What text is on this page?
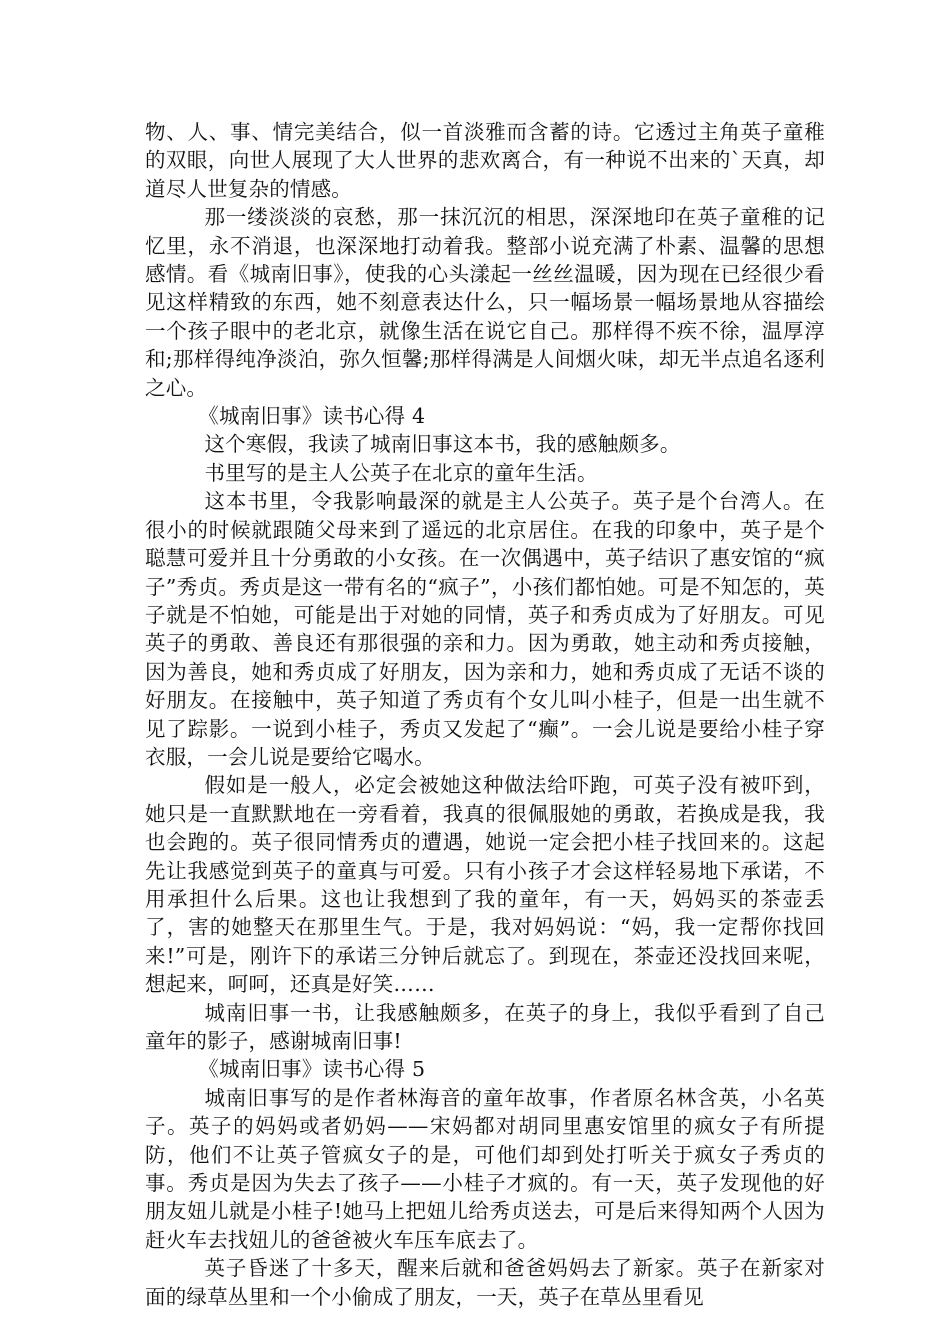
物、人、事、情完美结合，似一首淡雅而含蓄的诗。它透过主角英子童稚的双眼，向世人展现了大人世界的悲欢离合，有一种说不出来的`天真，却道尽人世复杂的情感。

那一缕淡淡的哀愁，那一抹沉沉的相思，深深地印在英子童稚的记忆里，永不消退，也深深地打动着我。整部小说充满了朴素、温馨的思想感情。看《城南旧事》，使我的心头漾起一丝丝温暖，因为现在已经很少看见这样精致的东西，她不刻意表达什么，只一幅场景一幅场景地从容描绘一个孩子眼中的老北京，就像生活在说它自己。那样得不疾不徐，温厚淳和;那样得纯净淡泊，弥久恒馨;那样得满是人间烟火味，却无半点追名逐利之心。

《城南旧事》读书心得 4

这个寒假，我读了城南旧事这本书，我的感触颇多。

书里写的是主人公英子在北京的童年生活。

这本书里，令我影响最深的就是主人公英子。英子是个台湾人。在很小的时候就跟随父母来到了遥远的北京居住。在我的印象中，英子是个聪慧可爱并且十分勇敢的小女孩。在一次偶遇中，英子结识了惠安馆的“疯子”秀贞。秀贞是这一带有名的“疯子”，小孩们都怕她。可是不知怎的，英子就是不怕她，可能是出于对她的同情，英子和秀贞成为了好朋友。可见英子的勇敢、善良还有那很强的亲和力。因为勇敢，她主动和秀贞接触，因为善良，她和秀贞成了好朋友，因为亲和力，她和秀贞成了无话不谈的好朋友。在接触中，英子知道了秀贞有个女儿叫小桂子，但是一出生就不见了踪影。一说到小桂子，秀贞又发起了“癫”。一会儿说是要给小桂子穿衣服，一会儿说是要给它喝水。

假如是一般人，必定会被她这种做法给吓跑，可英子没有被吓到，她只是一直默默地在一旁看着，我真的很佩服她的勇敢，若换成是我，我也会跑的。英子很同情秀贞的遭遇，她说一定会把小桂子找回来的。这起先让我感觉到英子的童真与可爱。只有小孩子才会这样轻易地下承诺，不用承担什么后果。这也让我想到了我的童年，有一天，妈妈买的茶壶丢了，害的她整天在那里生气。于是，我对妈妈说：“妈，我一定帮你找回来!”可是，刚许下的承诺三分钟后就忘了。到现在，茶壶还没找回来呢，想起来，呵呵，还真是好笑……

城南旧事一书，让我感触颇多，在英子的身上，我似乎看到了自己童年的影子，感谢城南旧事!

《城南旧事》读书心得 5

城南旧事写的是作者林海音的童年故事，作者原名林含英，小名英子。英子的妈妈或者奶妈——宋妈都对胡同里惠安馆里的疯女子有所提防，他们不让英子管疯女子的是，可他们却到处打听关于疯女子秀贞的事。秀贞是因为失去了孩子——小桂子才疯的。有一天，英子发现他的好朋友妞儿就是小桂子!她马上把妞儿给秀贞送去，可是后来得知两个人因为赶火车去找妞儿的爸爸被火车压车底去了。

英子昏迷了十多天，醒来后就和爸爸妈妈去了新家。英子在新家对面的绿草丛里和一个小偷成了朋友，一天，英子在草丛里看见
